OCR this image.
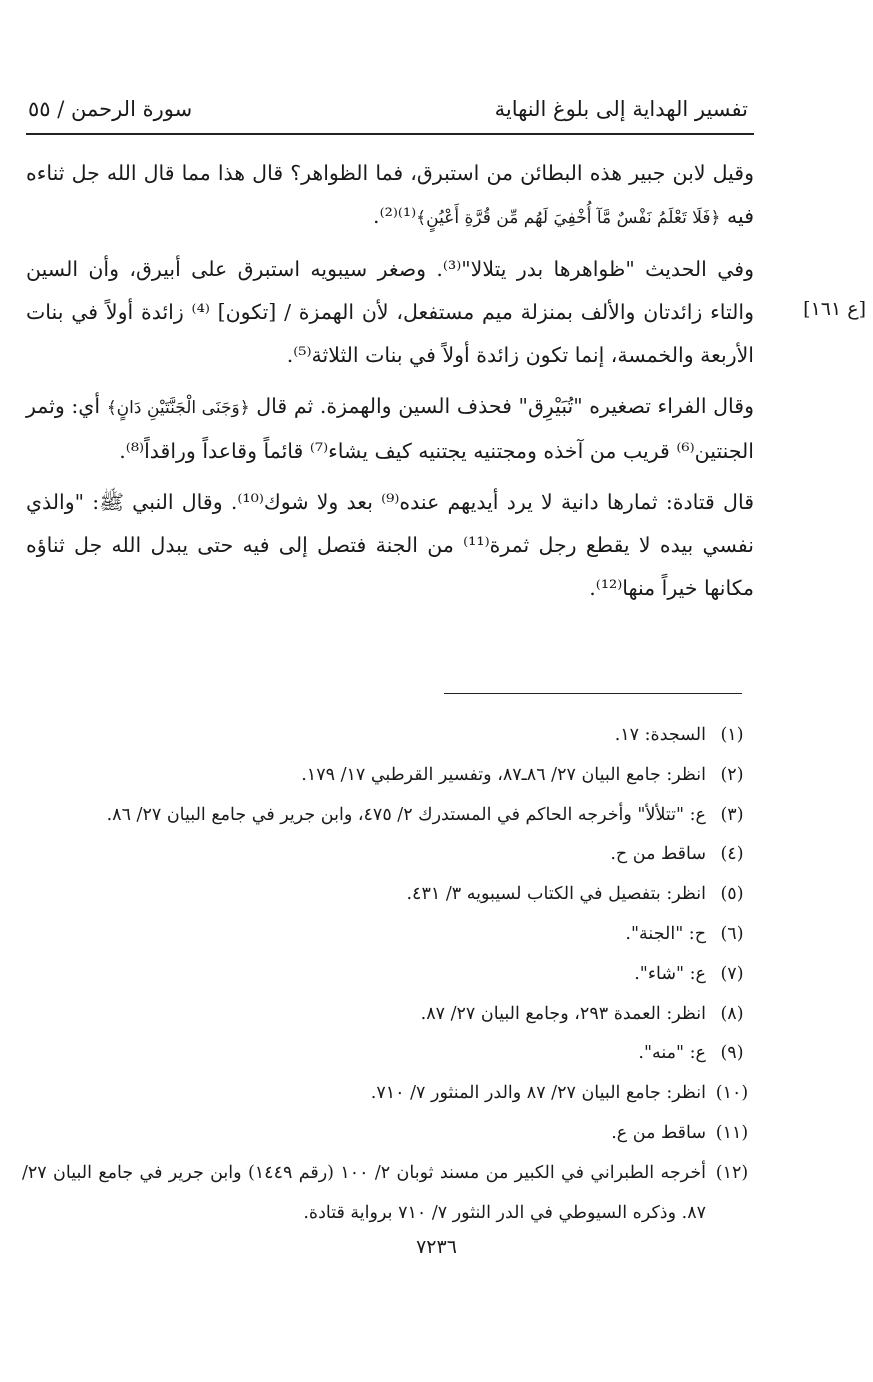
تفسير الهداية إلى بلوغ النهاية
سورة الرحمن / ٥٥
[ع ١٦١]

وقيل لابن جبير هذه البطائن من استبرق، فما الظواهر؟ قال هذا مما قال الله جل ثناءه فيه ﴿فَلَا تَعْلَمُ نَفْسٌ مَّآ أُخْفِيَ لَهُم مِّن قُرَّةِ أَعْيُنٍ﴾⁽¹⁾⁽²⁾.

وفي الحديث "ظواهرها بدر يتلالا"⁽³⁾. وصغر سيبويه استبرق على أبيرق، وأن السين والتاء زائدتان والألف بمنزلة ميم مستفعل، لأن الهمزة / [تكون] ⁽⁴⁾ زائدة أولاً في بنات الأربعة والخمسة، إنما تكون زائدة أولاً في بنات الثلاثة⁽⁵⁾.

وقال الفراء تصغيره "تُبَيْرِق" فحذف السين والهمزة. ثم قال ﴿وَجَنَى الْجَنَّتَيْنِ دَانٍ﴾ أي: وثمر الجنتين⁽⁶⁾ قريب من آخذه ومجتنيه يجتنيه كيف يشاء⁽⁷⁾ قائماً وقاعداً وراقداً⁽⁸⁾.

قال قتادة: ثمارها دانية لا يرد أيديهم عنده⁽⁹⁾ بعد ولا شوك⁽¹⁰⁾. وقال النبي ﷺ: "والذي نفسي بيده لا يقطع رجل ثمرة⁽¹¹⁾ من الجنة فتصل إلى فيه حتى يبدل الله جل ثناؤه مكانها خيراً منها⁽¹²⁾.

(١)
السجدة: ١٧.
(٢)
انظر: جامع البيان ٢٧/ ٨٦ـ٨٧، وتفسير القرطبي ١٧/ ١٧٩.
(٣)
ع: "تتلألأ" وأخرجه الحاكم في المستدرك ٢/ ٤٧٥، وابن جرير في جامع البيان ٢٧/ ٨٦.
(٤)
ساقط من ح.
(٥)
انظر: بتفصيل في الكتاب لسيبويه ٣/ ٤٣١.
(٦)
ح: "الجنة".
(٧)
ع: "شاء".
(٨)
انظر: العمدة ٢٩٣، وجامع البيان ٢٧/ ٨٧.
(٩)
ع: "منه".
(١٠)
انظر: جامع البيان ٢٧/ ٨٧ والدر المنثور ٧/ ٧١٠.
(١١)
ساقط من ع.
(١٢)
أخرجه الطبراني في الكبير من مسند ثوبان ٢/ ١٠٠ (رقم ١٤٤٩) وابن جرير في جامع البيان ٢٧/ ٨٧. وذكره السيوطي في الدر النثور ٧/ ٧١٠ برواية قتادة.
٧٢٣٦
